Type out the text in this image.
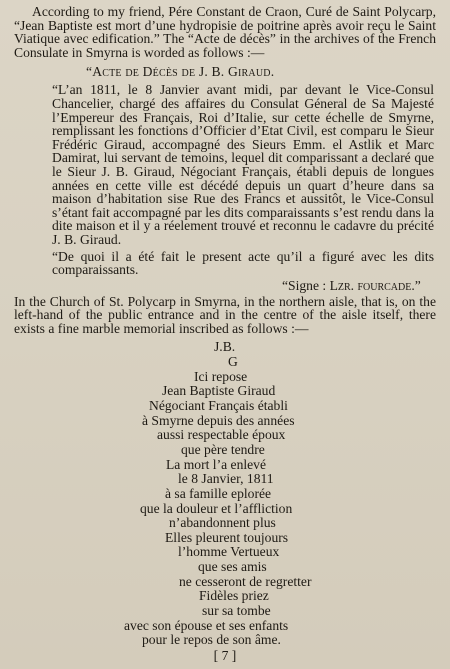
According to my friend, Pére Constant de Craon, Curé de Saint Polycarp, “Jean Baptiste est mort d’une hydropisie de poitrine après avoir reçu le Saint Viatique avec edification.” The “Acte de décès” in the archives of the French Consulate in Smyrna is worded as follows :—

“Acte de Décès de J. B. Giraud.

“L’an 1811, le 8 Janvier avant midi, par devant le Vice-Consul Chancelier, chargé des affaires du Consulat Géneral de Sa Majesté l’Empereur des Français, Roi d’Italie, sur cette échelle de Smyrne, remplissant les fonctions d’Officier d’Etat Civil, est comparu le Sieur Frédéric Giraud, accompagné des Sieurs Emm. el Astlik et Marc Damirat, lui servant de temoins, lequel dit comparissant a declaré que le Sieur J. B. Giraud, Négociant Français, établi depuis de longues années en cette ville est décédé depuis un quart d’heure dans sa maison d’habitation sise Rue des Francs et aussitôt, le Vice-Consul s’étant fait accompagné par les dits comparaissants s’est rendu dans la dite maison et il y a réelement trouvé et reconnu le cadavre du précité J. B. Giraud.

“De quoi il a été fait le present acte qu’il a figuré avec les dits comparaissants.

“Signe : Lzr. fourcade.”

In the Church of St. Polycarp in Smyrna, in the northern aisle, that is, on the left-hand of the public entrance and in the centre of the aisle itself, there exists a fine marble memorial inscribed as follows :—

J.B.
G
Ici repose
Jean Baptiste Giraud
Négociant Français établi
à Smyrne depuis des années
aussi respectable époux
que père tendre
La mort l’a enlevé
le 8 Janvier, 1811
à sa famille eplorée
que la douleur et l’affliction
n’abandonnent plus
Elles pleurent toujours
l’homme Vertueux
que ses amis
ne cesseront de regretter
Fidèles priez
sur sa tombe
avec son épouse et ses enfants
pour le repos de son âme.
[ 7 ]
